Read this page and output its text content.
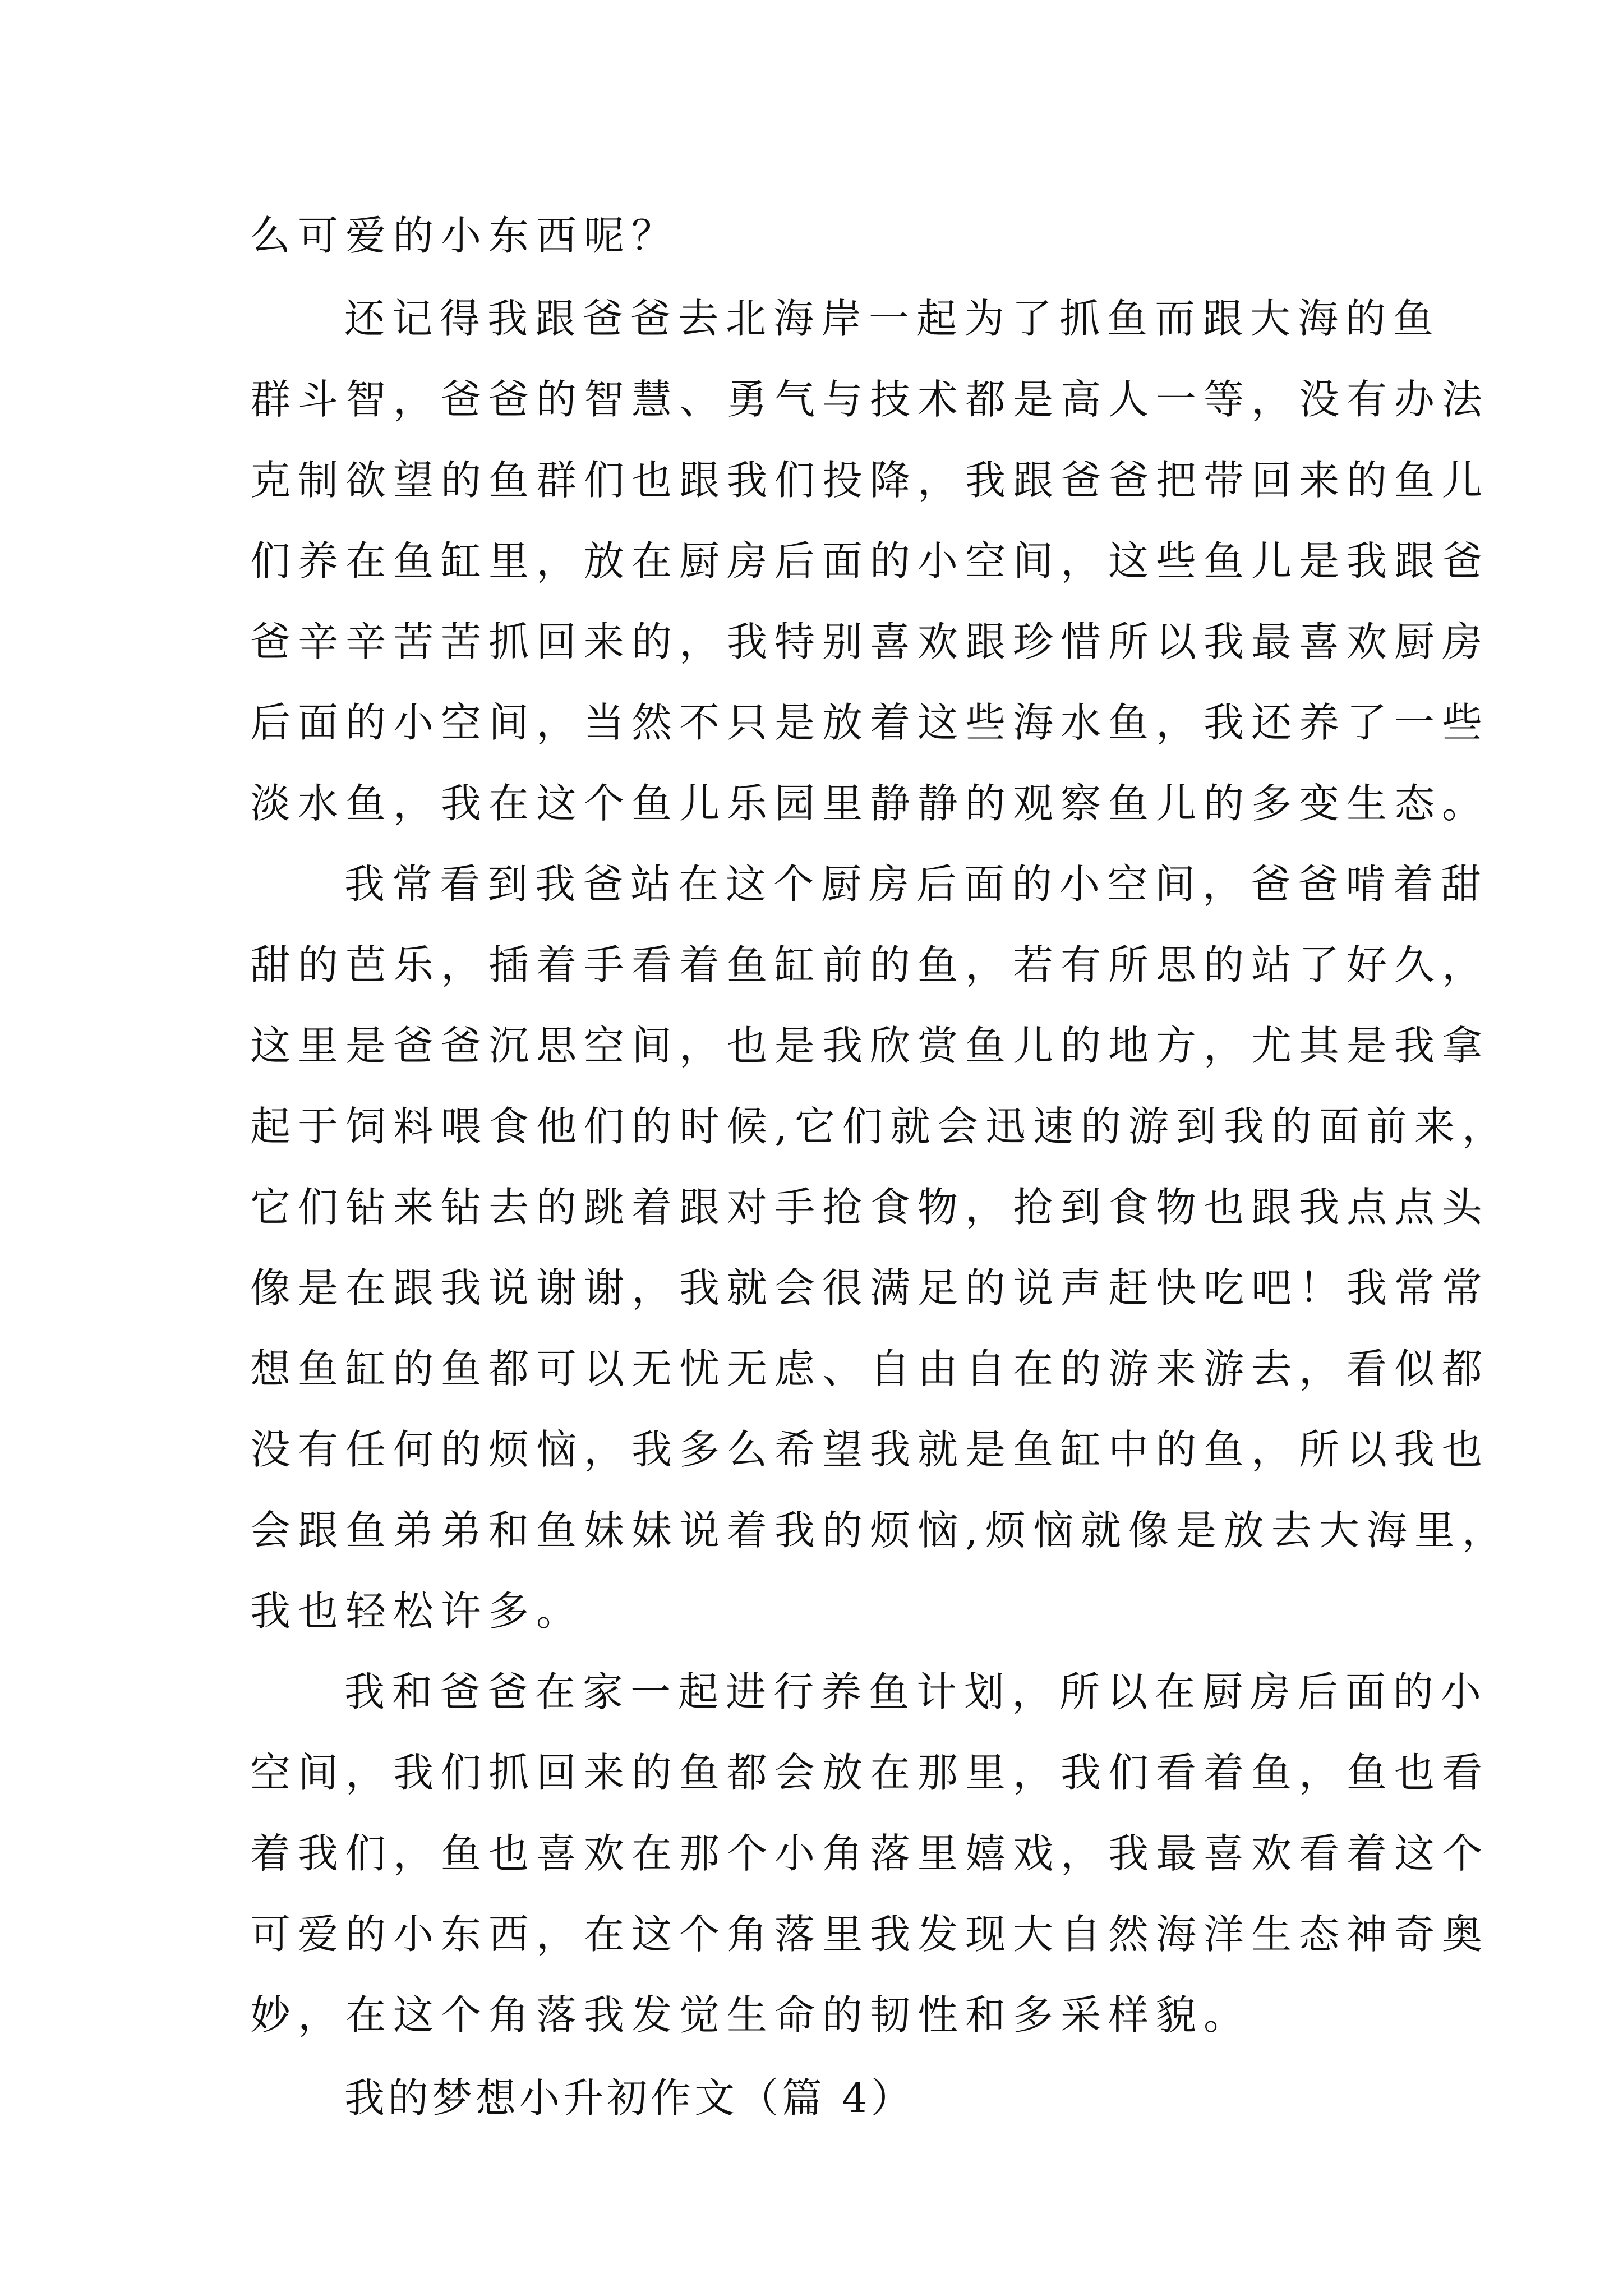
么可爱的小东西呢？
还记得我跟爸爸去北海岸一起为了抓鱼而跟大海的鱼
群斗智，爸爸的智慧、勇气与技术都是高人一等，没有办法
克制欲望的鱼群们也跟我们投降，我跟爸爸把带回来的鱼儿
们养在鱼缸里，放在厨房后面的小空间，这些鱼儿是我跟爸
爸辛辛苦苦抓回来的，我特别喜欢跟珍惜所以我最喜欢厨房
后面的小空间，当然不只是放着这些海水鱼，我还养了一些
淡水鱼，我在这个鱼儿乐园里静静的观察鱼儿的多变生态。
我常看到我爸站在这个厨房后面的小空间，爸爸啃着甜
甜的芭乐，插着手看着鱼缸前的鱼，若有所思的站了好久，
这里是爸爸沉思空间，也是我欣赏鱼儿的地方，尤其是我拿
起于饲料喂食他们的时候,它们就会迅速的游到我的面前来，
它们钻来钻去的跳着跟对手抢食物，抢到食物也跟我点点头
像是在跟我说谢谢，我就会很满足的说声赶快吃吧！我常常
想鱼缸的鱼都可以无忧无虑、自由自在的游来游去，看似都
没有任何的烦恼，我多么希望我就是鱼缸中的鱼，所以我也
会跟鱼弟弟和鱼妹妹说着我的烦恼,烦恼就像是放去大海里，
我也轻松许多。
我和爸爸在家一起进行养鱼计划，所以在厨房后面的小
空间，我们抓回来的鱼都会放在那里，我们看着鱼，鱼也看
着我们，鱼也喜欢在那个小角落里嬉戏，我最喜欢看着这个
可爱的小东西，在这个角落里我发现大自然海洋生态神奇奥
妙，在这个角落我发觉生命的韧性和多采样貌。
我的梦想小升初作文（篇 4）
